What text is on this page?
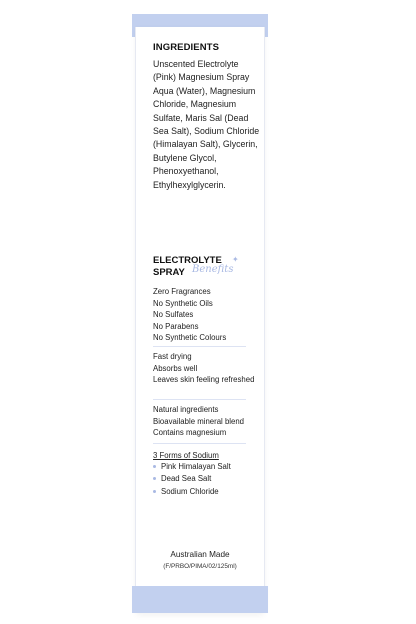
INGREDIENTS
Unscented Electrolyte (Pink) Magnesium Spray Aqua (Water), Magnesium Chloride, Magnesium Sulfate, Maris Sal (Dead Sea Salt), Sodium Chloride (Himalayan Salt), Glycerin, Butylene Glycol, Phenoxyethanol, Ethylhexylglycerin.
ELECTROLYTE
SPRAY Benefits
✦
Zero Fragrances
No Synthetic Oils
No Sulfates
No Parabens
No Synthetic Colours
Fast drying
Absorbs well
Leaves skin feeling refreshed
Natural ingredients
Bioavailable mineral blend
Contains magnesium
3 Forms of Sodium
Pink Himalayan Salt
Dead Sea Salt
Sodium Chloride
Australian Made
(F/PRBO/PIMA/02/125ml)
